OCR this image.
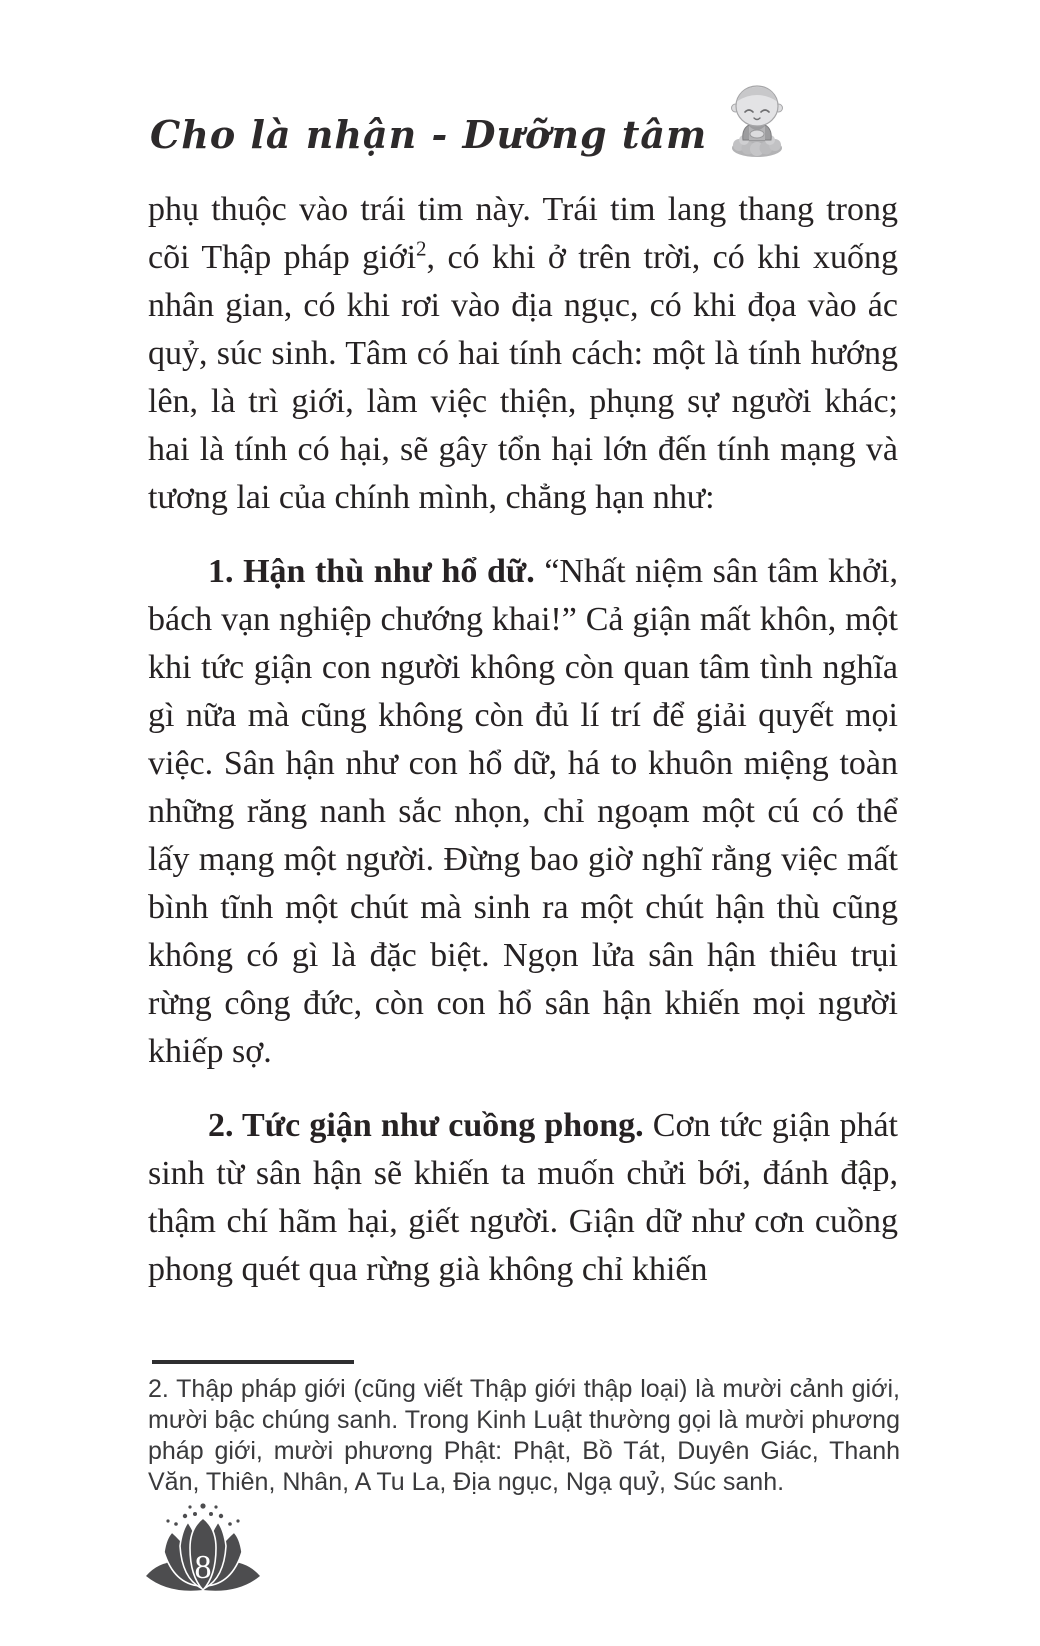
Cho là nhận - Dưỡng tâm

phụ thuộc vào trái tim này. Trái tim lang thang trong cõi Thập pháp giới$^2$, có khi ở trên trời, có khi xuống nhân gian, có khi rơi vào địa ngục, có khi đọa vào ác quỷ, súc sinh. Tâm có hai tính cách: một là tính hướng lên, là trì giới, làm việc thiện, phụng sự người khác; hai là tính có hại, sẽ gây tổn hại lớn đến tính mạng và tương lai của chính mình, chẳng hạn như:

1. Hận thù như hổ dữ. “Nhất niệm sân tâm khởi, bách vạn nghiệp chướng khai!” Cả giận mất khôn, một khi tức giận con người không còn quan tâm tình nghĩa gì nữa mà cũng không còn đủ lí trí để giải quyết mọi việc. Sân hận như con hổ dữ, há to khuôn miệng toàn những răng nanh sắc nhọn, chỉ ngoạm một cú có thể lấy mạng một người. Đừng bao giờ nghĩ rằng việc mất bình tĩnh một chút mà sinh ra một chút hận thù cũng không có gì là đặc biệt. Ngọn lửa sân hận thiêu trụi rừng công đức, còn con hổ sân hận khiến mọi người khiếp sợ.

2. Tức giận như cuồng phong. Cơn tức giận phát sinh từ sân hận sẽ khiến ta muốn chửi bới, đánh đập, thậm chí hãm hại, giết người. Giận dữ như cơn cuồng phong quét qua rừng già không chỉ khiến

2. Thập pháp giới (cũng viết Thập giới thập loại) là mười cảnh giới, mười bậc chúng sanh. Trong Kinh Luật thường gọi là mười phương pháp giới, mười phương Phật: Phật, Bồ Tát, Duyên Giác, Thanh Văn, Thiên, Nhân, A Tu La, Địa ngục, Ngạ quỷ, Súc sanh.

8
